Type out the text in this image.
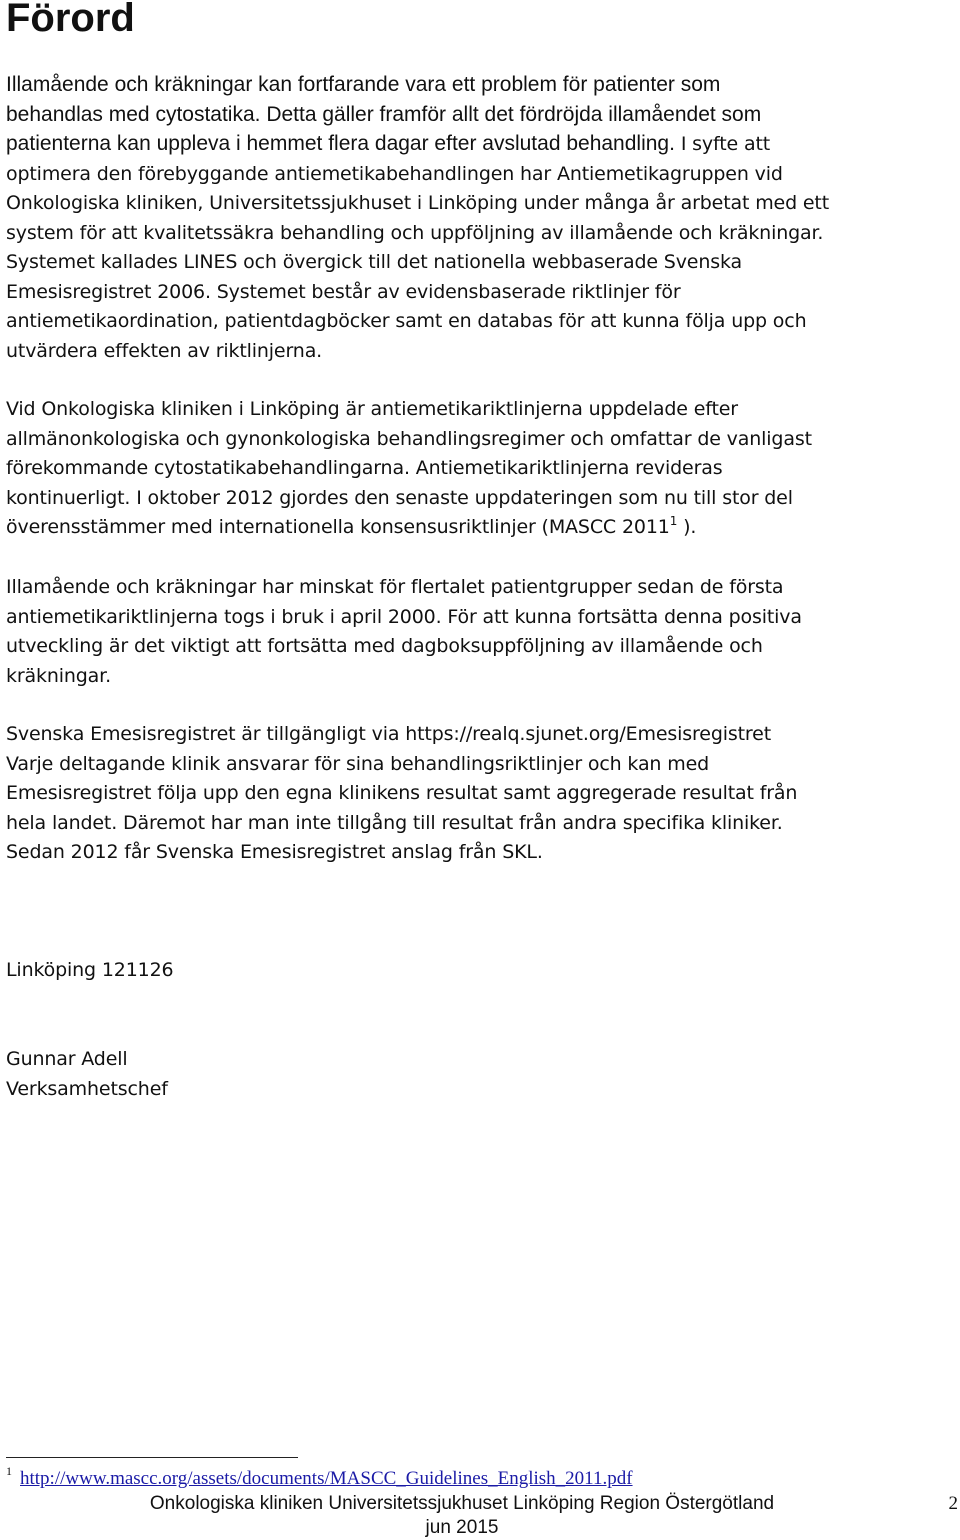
Förord
Illamående och kräkningar kan fortfarande vara ett problem för patienter som
behandlas med cytostatika. Detta gäller framför allt det fördröjda illamåendet som
patienterna kan uppleva i hemmet flera dagar efter avslutad behandling. I syfte att
optimera den förebyggande antiemetikabehandlingen har Antiemetikagruppen vid
Onkologiska kliniken, Universitetssjukhuset i Linköping under många år arbetat med ett
system för att kvalitetssäkra behandling och uppföljning av illamående och kräkningar.
Systemet kallades LINES och övergick till det nationella webbaserade Svenska
Emesisregistret 2006. Systemet består av evidensbaserade riktlinjer för
antiemetikaordination, patientdagböcker samt en databas för att kunna följa upp och
utvärdera effekten av riktlinjerna.
Vid Onkologiska kliniken i Linköping är antiemetikariktlinjerna uppdelade efter
allmänonkologiska och gynonkologiska behandlingsregimer och omfattar de vanligast
förekommande cytostatikabehandlingarna. Antiemetikariktlinjerna revideras
kontinuerligt. I oktober 2012 gjordes den senaste uppdateringen som nu till stor del
överensstämmer med internationella konsensusriktlinjer (MASCC 2011$^1$ ).
Illamående och kräkningar har minskat för flertalet patientgrupper sedan de första
antiemetikariktlinjerna togs i bruk i april 2000. För att kunna fortsätta denna positiva
utveckling är det viktigt att fortsätta med dagboksuppföljning av illamående och
kräkningar.
Svenska Emesisregistret är tillgängligt via https://realq.sjunet.org/Emesisregistret
Varje deltagande klinik ansvarar för sina behandlingsriktlinjer och kan med
Emesisregistret följa upp den egna klinikens resultat samt aggregerade resultat från
hela landet. Däremot har man inte tillgång till resultat från andra specifika kliniker.
Sedan 2012 får Svenska Emesisregistret anslag från SKL.
Linköping 121126
Gunnar Adell
Verksamhetschef
$^1$ http://www.mascc.org/assets/documents/MASCC_Guidelines_English_2011.pdf
Onkologiska kliniken Universitetssjukhuset Linköping Region Östergötland
jun 2015
2
